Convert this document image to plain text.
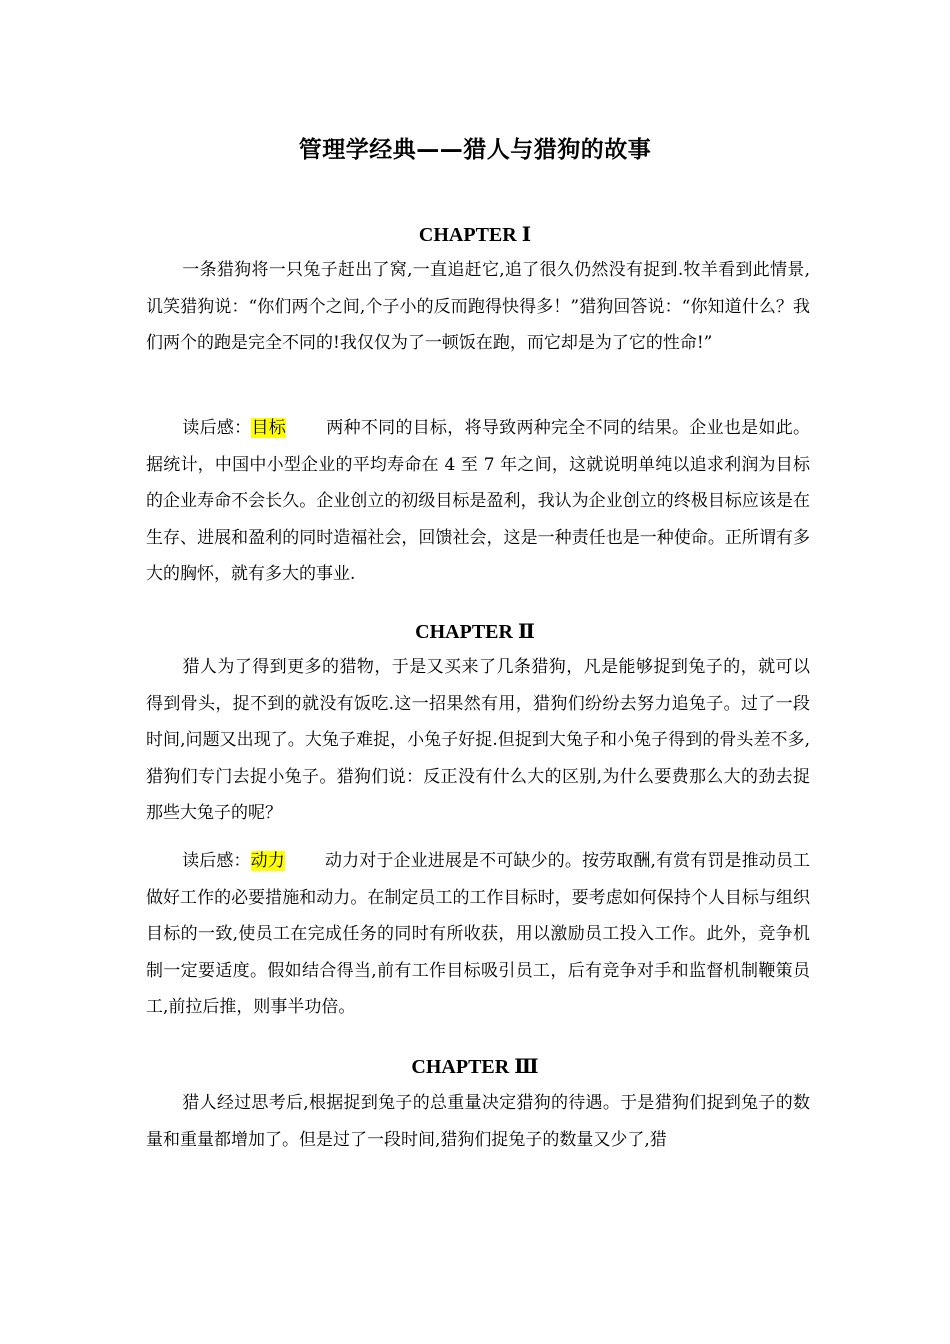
管理学经典——猎人与猎狗的故事
CHAPTER Ⅰ

一条猎狗将一只兔子赶出了窝,一直追赶它,追了很久仍然没有捉到.牧羊看到此情景,讥笑猎狗说：“你们两个之间,个子小的反而跑得快得多！”猎狗回答说：“你知道什么？我们两个的跑是完全不同的!我仅仅为了一顿饭在跑，而它却是为了它的性命!”

读后感：目标 两种不同的目标，将导致两种完全不同的结果。企业也是如此。据统计，中国中小型企业的平均寿命在 4 至 7 年之间，这就说明单纯以追求利润为目标的企业寿命不会长久。企业创立的初级目标是盈利，我认为企业创立的终极目标应该是在生存、进展和盈利的同时造福社会，回馈社会，这是一种责任也是一种使命。正所谓有多大的胸怀，就有多大的事业.

CHAPTER Ⅱ

猎人为了得到更多的猎物，于是又买来了几条猎狗，凡是能够捉到兔子的，就可以得到骨头，捉不到的就没有饭吃.这一招果然有用，猎狗们纷纷去努力追兔子。过了一段时间,问题又出现了。大兔子难捉，小兔子好捉.但捉到大兔子和小兔子得到的骨头差不多,猎狗们专门去捉小兔子。猎狗们说：反正没有什么大的区别,为什么要费那么大的劲去捉那些大兔子的呢？

读后感：动力 动力对于企业进展是不可缺少的。按劳取酬,有赏有罚是推动员工做好工作的必要措施和动力。在制定员工的工作目标时，要考虑如何保持个人目标与组织目标的一致,使员工在完成任务的同时有所收获，用以激励员工投入工作。此外，竞争机制一定要适度。假如结合得当,前有工作目标吸引员工，后有竞争对手和监督机制鞭策员工,前拉后推，则事半功倍。

CHAPTER Ⅲ

猎人经过思考后,根据捉到兔子的总重量决定猎狗的待遇。于是猎狗们捉到兔子的数量和重量都增加了。但是过了一段时间,猎狗们捉兔子的数量又少了,猎
